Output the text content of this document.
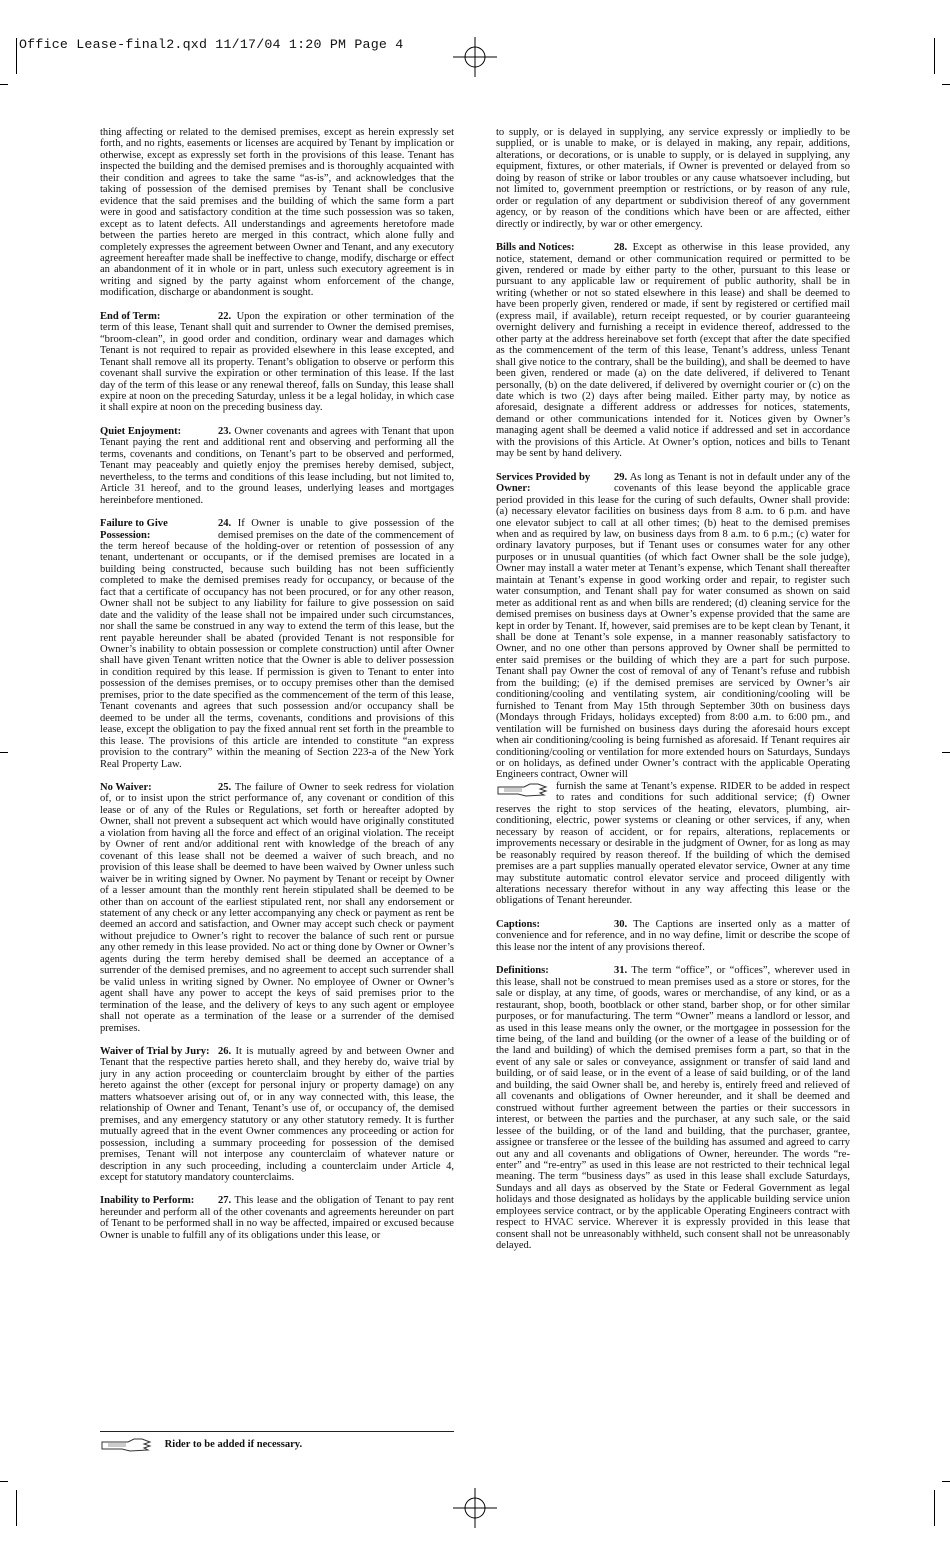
Office Lease-final2.qxd 11/17/04 1:20 PM Page 4

thing affecting or related to the demised premises, except as herein expressly set forth, and no rights, easements or licenses are acquired by Tenant by implication or otherwise, except as expressly set forth in the provisions of this lease. Tenant has inspected the building and the demised premises and is thoroughly acquainted with their condition and agrees to take the same “as-is”, and acknowledges that the taking of possession of the demised premises by Tenant shall be conclusive evidence that the said premises and the building of which the same form a part were in good and satisfactory condition at the time such possession was so taken, except as to latent defects. All understandings and agreements heretofore made between the parties hereto are merged in this contract, which alone fully and completely expresses the agreement between Owner and Tenant, and any executory agreement hereafter made shall be ineffective to change, modify, discharge or effect an abandonment of it in whole or in part, unless such executory agreement is in writing and signed by the party against whom enforcement of the change, modification, discharge or abandonment is sought.

End of Term:	22. Upon the expiration or other termination of the term of this lease, Tenant shall quit and surrender to Owner the demised premises, “broom-clean”, in good order and condition, ordinary wear and damages which Tenant is not required to repair as provided elsewhere in this lease excepted, and Tenant shall remove all its property. Tenant’s obligation to observe or perform this covenant shall survive the expiration or other termination of this lease. If the last day of the term of this lease or any renewal thereof, falls on Sunday, this lease shall expire at noon on the preceding Saturday, unless it be a legal holiday, in which case it shall expire at noon on the preceding business day.

Quiet Enjoyment:	23. Owner covenants and agrees with Tenant that upon Tenant paying the rent and additional rent and observing and performing all the terms, covenants and conditions, on Tenant’s part to be observed and performed, Tenant may peaceably and quietly enjoy the premises hereby demised, subject, nevertheless, to the terms and conditions of this lease including, but not limited to, Article 31 hereof, and to the ground leases, underlying leases and mortgages hereinbefore mentioned.

Failure to Give Possession:

24. If Owner is unable to give possession of the demised premises on the date of the commencement of the term hereof because of the holding-over or retention of possession of any tenant, undertenant or occupants, or if the demised premises are located in a building being constructed, because such building has not been sufficiently completed to make the demised premises ready for occupancy, or because of the fact that a certificate of occupancy has not been procured, or for any other reason, Owner shall not be subject to any liability for failure to give possession on said date and the validity of the lease shall not be impaired under such circumstances, nor shall the same be construed in any way to extend the term of this lease, but the rent payable hereunder shall be abated (provided Tenant is not responsible for Owner’s inability to obtain possession or complete construction) until after Owner shall have given Tenant written notice that the Owner is able to deliver possession in condition required by this lease. If permission is given to Tenant to enter into possession of the demises premises, or to occupy premises other than the demised premises, prior to the date specified as the commencement of the term of this lease, Tenant covenants and agrees that such possession and/or occupancy shall be deemed to be under all the terms, covenants, conditions and provisions of this lease, except the obligation to pay the fixed annual rent set forth in the preamble to this lease. The provisions of this article are intended to constitute “an express provision to the contrary” within the meaning of Section 223-a of the New York Real Property Law.

No Waiver:	25. The failure of Owner to seek redress for violation of, or to insist upon the strict performance of, any covenant or condition of this lease or of any of the Rules or Regulations, set forth or hereafter adopted by Owner, shall not prevent a subsequent act which would have originally constituted a violation from having all the force and effect of an original violation. The receipt by Owner of rent and/or additional rent with knowledge of the breach of any covenant of this lease shall not be deemed a waiver of such breach, and no provision of this lease shall be deemed to have been waived by Owner unless such waiver be in writing signed by Owner. No payment by Tenant or receipt by Owner of a lesser amount than the monthly rent herein stipulated shall be deemed to be other than on account of the earliest stipulated rent, nor shall any endorsement or statement of any check or any letter accompanying any check or payment as rent be deemed an accord and satisfaction, and Owner may accept such check or payment without prejudice to Owner’s right to recover the balance of such rent or pursue any other remedy in this lease provided. No act or thing done by Owner or Owner’s agents during the term hereby demised shall be deemed an acceptance of a surrender of the demised premises, and no agreement to accept such surrender shall be valid unless in writing signed by Owner. No employee of Owner or Owner’s agent shall have any power to accept the keys of said premises prior to the termination of the lease, and the delivery of keys to any such agent or employee shall not operate as a termination of the lease or a surrender of the demised premises.

Waiver of Trial by Jury: 26. It is mutually agreed by and between Owner and Tenant that the respective parties hereto shall, and they hereby do, waive trial by jury in any action proceeding or counterclaim brought by either of the parties hereto against the other (except for personal injury or property damage) on any matters whatsoever arising out of, or in any way connected with, this lease, the relationship of Owner and Tenant, Tenant’s use of, or occupancy of, the demised premises, and any emergency statutory or any other statutory remedy. It is further mutually agreed that in the event Owner commences any proceeding or action for possession, including a summary proceeding for possession of the demised premises, Tenant will not interpose any counterclaim of whatever nature or description in any such proceeding, including a counterclaim under Article 4, except for statutory mandatory counterclaims.

Inability to Perform:	27. This lease and the obligation of Tenant to pay rent hereunder and perform all of the other covenants and agreements hereunder on part of Tenant to be performed shall in no way be affected, impaired or excused because Owner is unable to fulfill any of its obligations under this lease, or

Rider to be added if necessary.

to supply, or is delayed in supplying, any service expressly or impliedly to be supplied, or is unable to make, or is delayed in making, any repair, additions, alterations, or decorations, or is unable to supply, or is delayed in supplying, any equipment, fixtures, or other materials, if Owner is prevented or delayed from so doing by reason of strike or labor troubles or any cause whatsoever including, but not limited to, government preemption or restrictions, or by reason of any rule, order or regulation of any department or subdivision thereof of any government agency, or by reason of the conditions which have been or are affected, either directly or indirectly, by war or other emergency.

Bills and Notices:	28. Except as otherwise in this lease provided, any notice, statement, demand or other communication required or permitted to be given, rendered or made by either party to the other, pursuant to this lease or pursuant to any applicable law or requirement of public authority, shall be in writing (whether or not so stated elsewhere in this lease) and shall be deemed to have been properly given, rendered or made, if sent by registered or certified mail (express mail, if available), return receipt requested, or by courier guaranteeing overnight delivery and furnishing a receipt in evidence thereof, addressed to the other party at the address hereinabove set forth (except that after the date specified as the commencement of the term of this lease, Tenant’s address, unless Tenant shall give notice to the contrary, shall be the building), and shall be deemed to have been given, rendered or made (a) on the date delivered, if delivered to Tenant personally, (b) on the date delivered, if delivered by overnight courier or (c) on the date which is two (2) days after being mailed. Either party may, by notice as aforesaid, designate a different address or addresses for notices, statements, demand or other communications intended for it. Notices given by Owner’s managing agent shall be deemed a valid notice if addressed and set in accordance with the provisions of this Article. At Owner’s option, notices and bills to Tenant may be sent by hand delivery.

Services Provided by Owner:

29. As long as Tenant is not in default under any of the covenants of this lease beyond the applicable grace period provided in this lease for the curing of such defaults, Owner shall provide: (a) necessary elevator facilities on business days from 8 a.m. to 6 p.m. and have one elevator subject to call at all other times; (b) heat to the demised premises when and as required by law, on business days from 8 a.m. to 6 p.m.; (c) water for ordinary lavatory purposes, but if Tenant uses or consumes water for any other purposes or in unusual quantities (of which fact Owner shall be the sole judge), Owner may install a water meter at Tenant’s expense, which Tenant shall thereafter maintain at Tenant’s expense in good working order and repair, to register such water consumption, and Tenant shall pay for water consumed as shown on said meter as additional rent as and when bills are rendered; (d) cleaning service for the demised premises on business days at Owner’s expense provided that the same are kept in order by Tenant. If, however, said premises are to be kept clean by Tenant, it shall be done at Tenant’s sole expense, in a manner reasonably satisfactory to Owner, and no one other than persons approved by Owner shall be permitted to enter said premises or the building of which they are a part for such purpose. Tenant shall pay Owner the cost of removal of any of Tenant’s refuse and rubbish from the building; (e) if the demised premises are serviced by Owner’s air conditioning/cooling and ventilating system, air conditioning/cooling will be furnished to Tenant from May 15th through September 30th on business days (Mondays through Fridays, holidays excepted) from 8:00 a.m. to 6:00 pm., and ventilation will be furnished on business days during the aforesaid hours except when air conditioning/cooling is being furnished as aforesaid. If Tenant requires air conditioning/cooling or ventilation for more extended hours on Saturdays, Sundays or on holidays, as defined under Owner’s contract with the applicable Operating Engineers contract, Owner will

furnish the same at Tenant’s expense. RIDER to be added in respect to rates and conditions for such additional service; (f) Owner reserves the right to stop services of the heating, elevators, plumbing, air-conditioning, electric, power systems or cleaning or other services, if any, when necessary by reason of accident, or for repairs, alterations, replacements or improvements necessary or desirable in the judgment of Owner, for as long as may be reasonably required by reason thereof. If the building of which the demised premises are a part supplies manually operated elevator service, Owner at any time may substitute automatic control elevator service and proceed diligently with alterations necessary therefor without in any way affecting this lease or the obligations of Tenant hereunder.

Captions:	30. The Captions are inserted only as a matter of convenience and for reference, and in no way define, limit or describe the scope of this lease nor the intent of any provisions thereof.

Definitions:	31. The term “office”, or “offices”, wherever used in this lease, shall not be construed to mean premises used as a store or stores, for the sale or display, at any time, of goods, wares or merchandise, of any kind, or as a restaurant, shop, booth, bootblack or other stand, barber shop, or for other similar purposes, or for manufacturing. The term “Owner” means a landlord or lessor, and as used in this lease means only the owner, or the mortgagee in possession for the time being, of the land and building (or the owner of a lease of the building or of the land and building) of which the demised premises form a part, so that in the event of any sale or sales or conveyance, assignment or transfer of said land and building, or of said lease, or in the event of a lease of said building, or of the land and building, the said Owner shall be, and hereby is, entirely freed and relieved of all covenants and obligations of Owner hereunder, and it shall be deemed and construed without further agreement between the parties or their successors in interest, or between the parties and the purchaser, at any such sale, or the said lessee of the building, or of the land and building, that the purchaser, grantee, assignee or transferee or the lessee of the building has assumed and agreed to carry out any and all covenants and obligations of Owner, hereunder. The words “re-enter” and “re-entry” as used in this lease are not restricted to their technical legal meaning. The term “business days” as used in this lease shall exclude Saturdays, Sundays and all days as observed by the State or Federal Government as legal holidays and those designated as holidays by the applicable building service union employees service contract, or by the applicable Operating Engineers contract with respect to HVAC service. Wherever it is expressly provided in this lease that consent shall not be unreasonably withheld, such consent shall not be unreasonably delayed.
